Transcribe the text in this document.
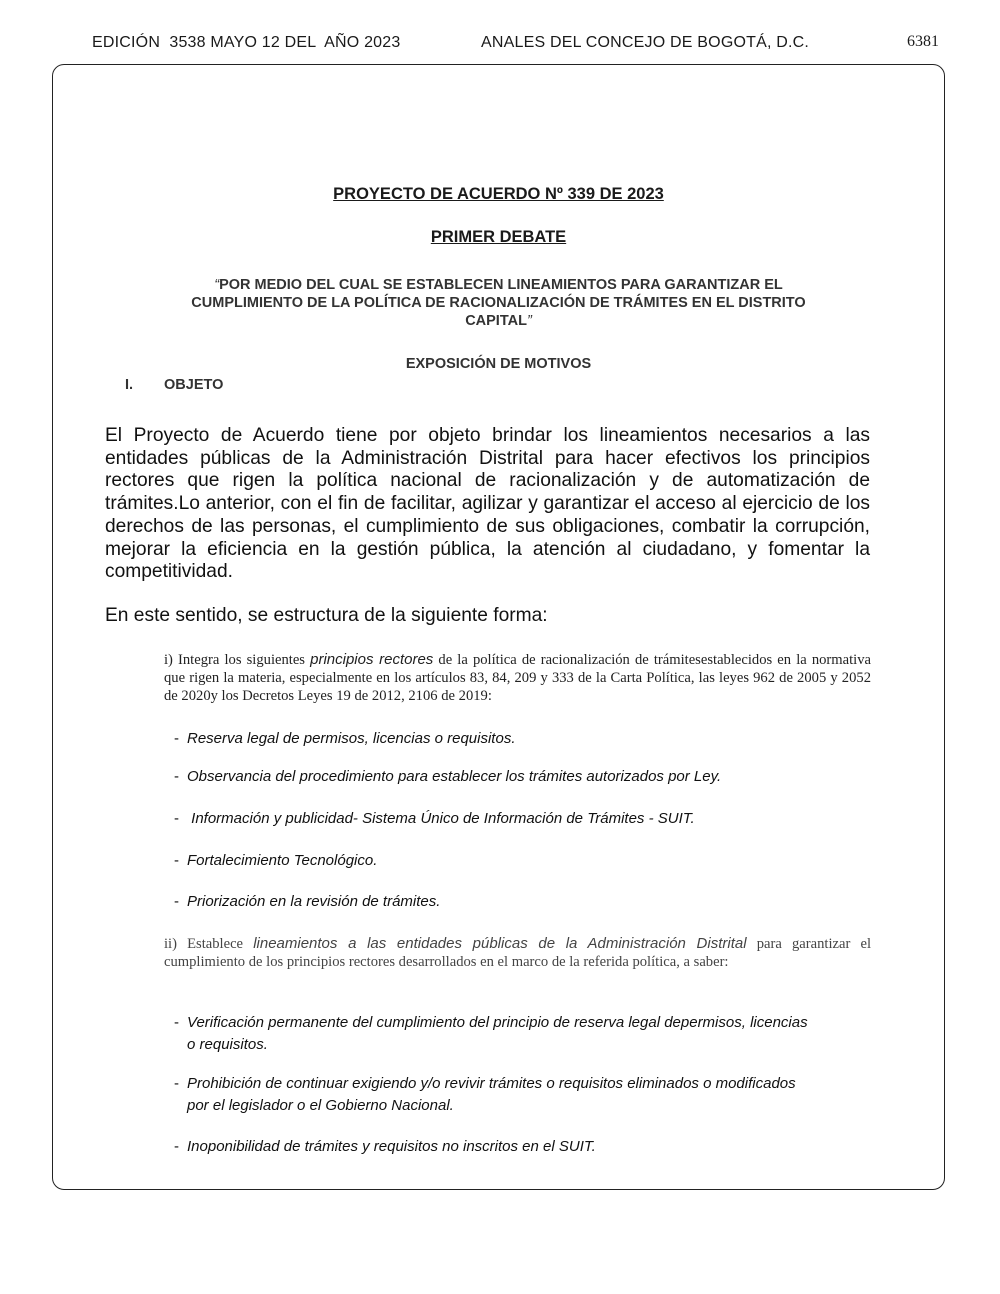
EDICIÓN  3538 MAYO 12 DEL  AÑO 2023	ANALES DEL CONCEJO DE BOGOTÁ, D.C.	6381
PROYECTO DE ACUERDO Nº 339 DE 2023
PRIMER DEBATE
“POR MEDIO DEL CUAL SE ESTABLECEN LINEAMIENTOS PARA GARANTIZAR EL
CUMPLIMIENTO DE LA POLÍTICA DE RACIONALIZACIÓN DE TRÁMITES EN EL DISTRITO
CAPITAL”
EXPOSICIÓN DE MOTIVOS
I. OBJETO
El Proyecto de Acuerdo tiene por objeto brindar los lineamientos necesarios a las entidades públicas de la Administración Distrital para hacer efectivos los principios rectores que rigen la política nacional de racionalización y de automatización de trámites.Lo anterior, con el fin de facilitar, agilizar y garantizar el acceso al ejercicio de los derechos de las personas, el cumplimiento de sus obligaciones, combatir la corrupción, mejorar la eficiencia en la gestión pública, la atención al ciudadano, y fomentar la competitividad.
En este sentido, se estructura de la siguiente forma:
i) Integra los siguientes principios rectores de la política de racionalización de trámitesestablecidos en la normativa que rigen la materia, especialmente en los artículos 83, 84, 209 y 333 de la Carta Política, las leyes 962 de 2005 y 2052 de 2020y los Decretos Leyes 19 de 2012, 2106 de 2019:
- Reserva legal de permisos, licencias o requisitos.
- Observancia del procedimiento para establecer los trámites autorizados por Ley.
- Información y publicidad- Sistema Único de Información de Trámites - SUIT.
- Fortalecimiento Tecnológico.
- Priorización en la revisión de trámites.
ii) Establece lineamientos a las entidades públicas de la Administración Distrital para garantizar el cumplimiento de los principios rectores desarrollados en el marco de la referida política, a saber:
- Verificación permanente del cumplimiento del principio de reserva legal depermisos, licencias o requisitos.
- Prohibición de continuar exigiendo y/o revivir trámites o requisitos eliminados o modificados por el legislador o el Gobierno Nacional.
- Inoponibilidad de trámites y requisitos no inscritos en el SUIT.
